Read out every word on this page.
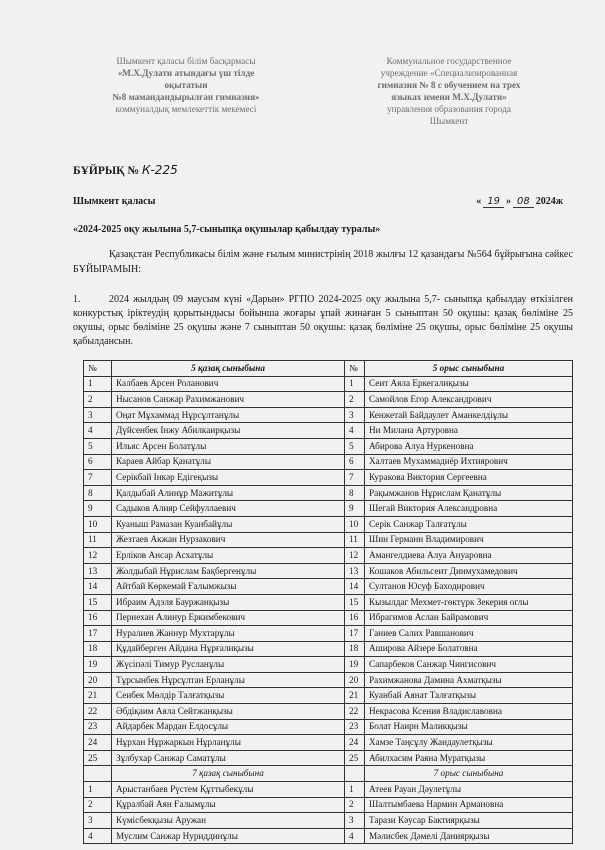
Шымкент қаласы білім басқармасы
«М.Х.Дулати атындағы үш тілде
оқытатын
№8 мамандандырылған гимназия»
коммуналдық мемлекеттік мекемесі
Коммунальное государственное
учреждение «Специализированная
гимназия № 8 с обучением на трех
языках имени М.Х.Дулати»
управления образования города
Шымкент
БҰЙРЫҚ № К-225
Шымкент қаласы	« 19 » 08 2024ж
«2024-2025 оқу жылына 5,7-сыныпқа оқушылар қабылдау туралы»
Қазақстан Республикасы білім және ғылым министрінің 2018 жылғы 12 қазандағы №564 бұйрығына сәйкес БҰЙЫРАМЫН:
1.	2024 жылдың 09 маусым күні «Дарын» РГПО 2024-2025 оқу жылына 5,7- сыныпқа қабылдау өткізілген конкурстық іріктеудің қорытындысы бойынша жоғары ұпай жинаған 5 сыныптан 50 оқушы: қазақ бөлiмiне 25 оқушы, орыс бөлiмiне 25 оқушы және 7 сыныптан 50 оқушы: қазақ бөлiмiне 25 оқушы, орыс бөлiмiне 25 оқушы қабылдансын.
№	5 қазақ сыныбына	№	5 орыс сыныбына
1	Калбаев Арсен Роланович	1	Сеит Аяла Еркегалиқызы
2	Нысанов Санжар Рахимжанович	2	Самойлов Егор Александрович
3	Оңат Мұхаммад Нұрсұлтанұлы	3	Кенжетай Байдаулет Аманкелдіұлы
4	Дүйсенбек Інжу Абилкаирқызы	4	Ни Милана Артуровна
5	Ильяс Арсен Болатұлы	5	Абирова Алуа Нуркеновна
6	Караев Айбар Қанатұлы	6	Халтаев Мухаммадиёр Ихтиярович
7	Серікбай Інкәр Едігеқызы	7	Куракова Виктория Сергеевна
8	Қалдыбай Алинұр Мажитұлы	8	Рақымжанов Нұрислам Қанатұлы
9	Садыков Алияр Сейфуллаевич	9	Шегай Виктория Александровна
10	Куаныш Рамазан Куанбайұлы	10	Серік Санжар Талғатұлы
11	Жезтаев Акжан Нурзакович	11	Шин Германн Владимирович
12	Ерліков Ансар Асхатұлы	12	Амангелдиева Алуа Ануаровна
13	Жолдыбай Нұрислам Бақбергенұлы	13	Кошаков Абильсеит Динмухамедович
14	Айтбай Көркемай Ғалымжызы	14	Султанов Юсуф Баходирович
15	Ибраим Адэля Бауржанқызы	15	Кызылдаг Мехмет-гөктүрк Зекерия оглы
16	Пернехан Алинур Еркимбекович	16	Ибрагимов Аслан Байрамович
17	Нуралиев Жаннур Мухтарұлы	17	Ганиев Салих Равшанович
18	Құдайберген Айдана Нұрғалиқызы	18	Аширова Айзере Болатовна
19	Жүсіпәлі Тимур Русланұлы	19	Сапарбеков Санжар Чингисович
20	Тұрсынбек Нұрсұлтан Ерланұлы	20	Рахимжанова Дамина Ахматқызы
21	Сеибек Мөлдір Талғатқызы	21	Куанбай Аянат Талғатқызы
22	Әбдіқаим Аяла Сейтжанқызы	22	Некрасова Ксения Владиславовна
23	Айдарбек Мардан Елдосұлы	23	Болат Наирн Маликқызы
24	Нұрхан Нұржаркын Нұрланұлы	24	Хамзе Таңсұлу Жандаулетқызы
25	Зұлбухар Санжар Саматұлы	25	Абилхасим Раяна Муратқызы
	7 қазақ сыныбына		7 орыс сыныбына
1	Арыстанбаев Рүстем Құттыбекұлы	1	Атеев Рауан Дәулетұлы
2	Құралбай Аян Ғалымұлы	2	Шалтымбаева Нармин Армановна
3	Күмісбекқызы Аружан	3	Тарази Кәусар Бактиярқызы
4	Муслим Санжар Нуриддинұлы	4	Мәлисбек Дәмелі Даниярқызы
